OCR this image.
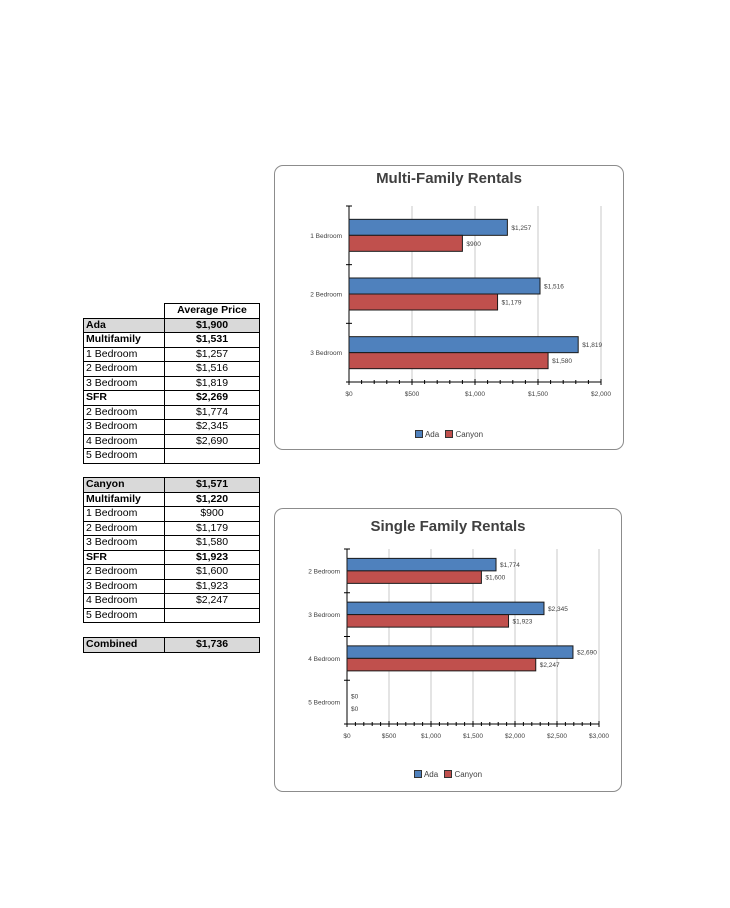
	Average Price
Ada	$1,900
Multifamily	$1,531
1 Bedroom	$1,257
2 Bedroom	$1,516
3 Bedroom	$1,819
SFR	$2,269
2 Bedroom	$1,774
3 Bedroom	$2,345
4 Bedroom	$2,690
5 Bedroom	
Canyon	$1,571
Multifamily	$1,220
1 Bedroom	$900
2 Bedroom	$1,179
3 Bedroom	$1,580
SFR	$1,923
2 Bedroom	$1,600
3 Bedroom	$1,923
4 Bedroom	$2,247
5 Bedroom	
Combined	$1,736
Multi-Family Rentals
$0	$500	$1,000	$1,500	$2,000
1 Bedroom
$1,257
$900
2 Bedroom
$1,516
$1,179
3 Bedroom
$1,819
$1,580
Ada Canyon
Single Family Rentals
$0	$500	$1,000	$1,500	$2,000	$2,500	$3,000
2 Bedroom
$1,774
$1,600
3 Bedroom
$2,345
$1,923
4 Bedroom
$2,690
$2,247
5 Bedroom
$0
$0
Ada Canyon
